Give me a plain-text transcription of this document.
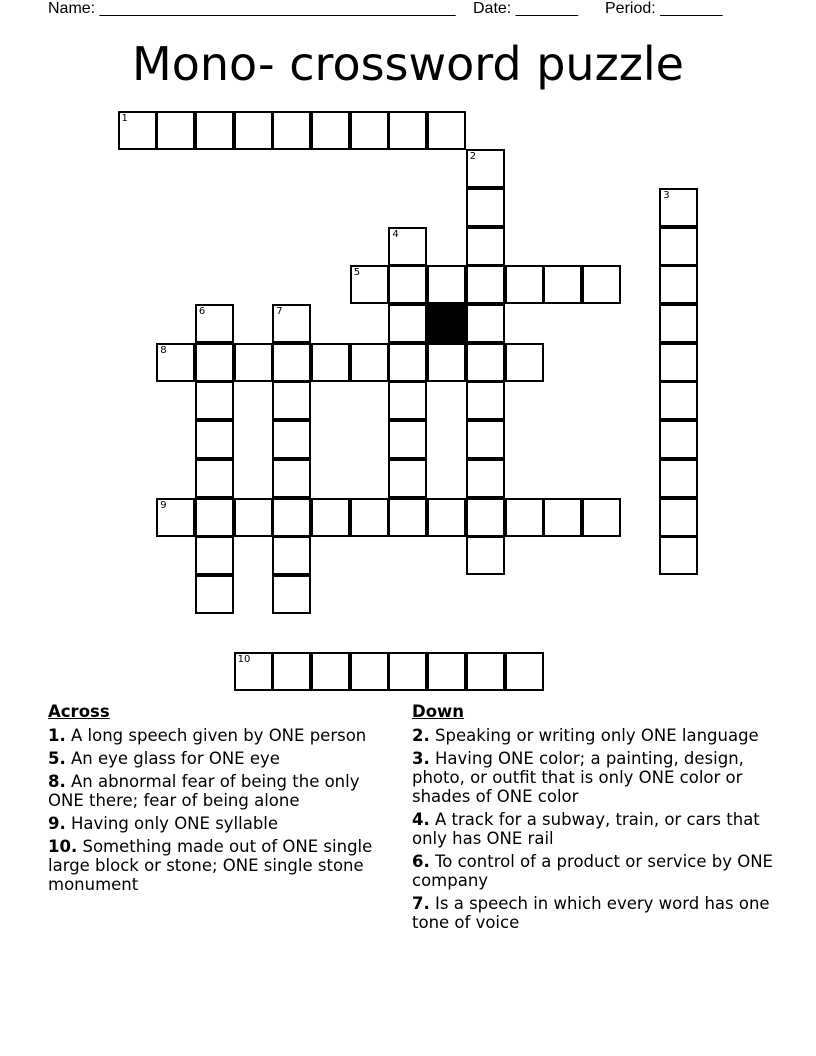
Name: ________________________________________

Date: _______

Period: _______

Mono- crossword puzzle
1
2
3
4
5
6	7
8
9
10
Across
1. A long speech given by ONE person
5. An eye glass for ONE eye
8. An abnormal fear of being the only ONE there; fear of being alone
9. Having only ONE syllable
10. Something made out of ONE single large block or stone; ONE single stone monument
Down
2. Speaking or writing only ONE language
3. Having ONE color; a painting, design, photo, or outfit that is only ONE color or shades of ONE color
4. A track for a subway, train, or cars that only has ONE rail
6. To control of a product or service by ONE company
7. Is a speech in which every word has one tone of voice
